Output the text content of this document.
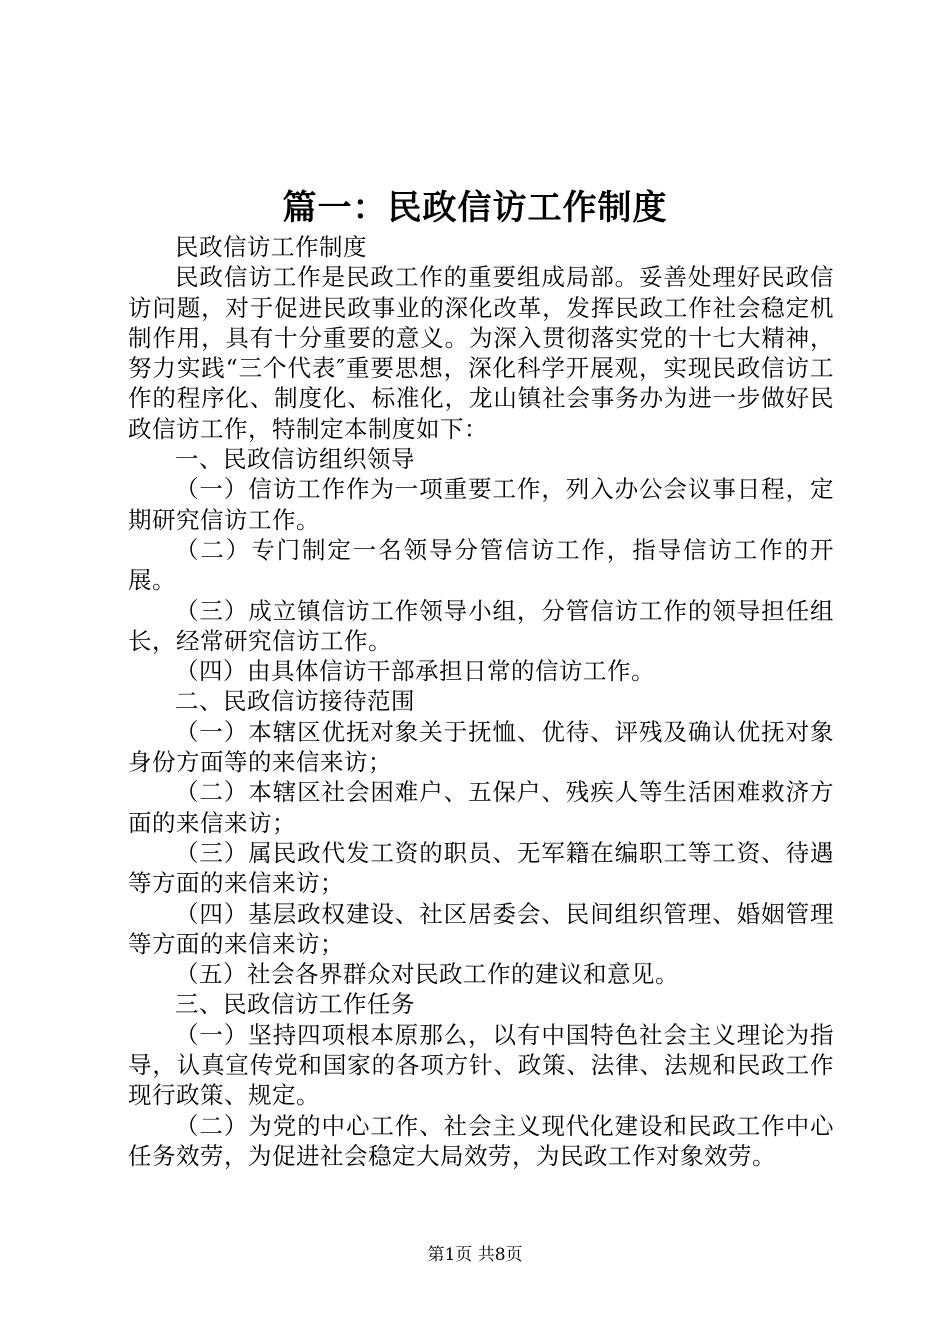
篇一：民政信访工作制度

民政信访工作制度

民政信访工作是民政工作的重要组成局部。妥善处理好民政信访问题，对于促进民政事业的深化改革，发挥民政工作社会稳定机制作用，具有十分重要的意义。为深入贯彻落实党的十七大精神，努力实践“三个代表″重要思想，深化科学开展观，实现民政信访工作的程序化、制度化、标准化，龙山镇社会事务办为进一步做好民政信访工作，特制定本制度如下：

一、民政信访组织领导

（一）信访工作作为一项重要工作，列入办公会议事日程，定期研究信访工作。

（二）专门制定一名领导分管信访工作，指导信访工作的开展。

（三）成立镇信访工作领导小组，分管信访工作的领导担任组长，经常研究信访工作。

（四）由具体信访干部承担日常的信访工作。

二、民政信访接待范围

（一）本辖区优抚对象关于抚恤、优待、评残及确认优抚对象身份方面等的来信来访；

（二）本辖区社会困难户、五保户、残疾人等生活困难救济方面的来信来访；

（三）属民政代发工资的职员、无军籍在编职工等工资、待遇等方面的来信来访；

（四）基层政权建设、社区居委会、民间组织管理、婚姻管理等方面的来信来访；

（五）社会各界群众对民政工作的建议和意见。

三、民政信访工作任务

（一）坚持四项根本原那么，以有中国特色社会主义理论为指导，认真宣传党和国家的各项方针、政策、法律、法规和民政工作现行政策、规定。

（二）为党的中心工作、社会主义现代化建设和民政工作中心任务效劳，为促进社会稳定大局效劳，为民政工作对象效劳。

第1页 共8页
